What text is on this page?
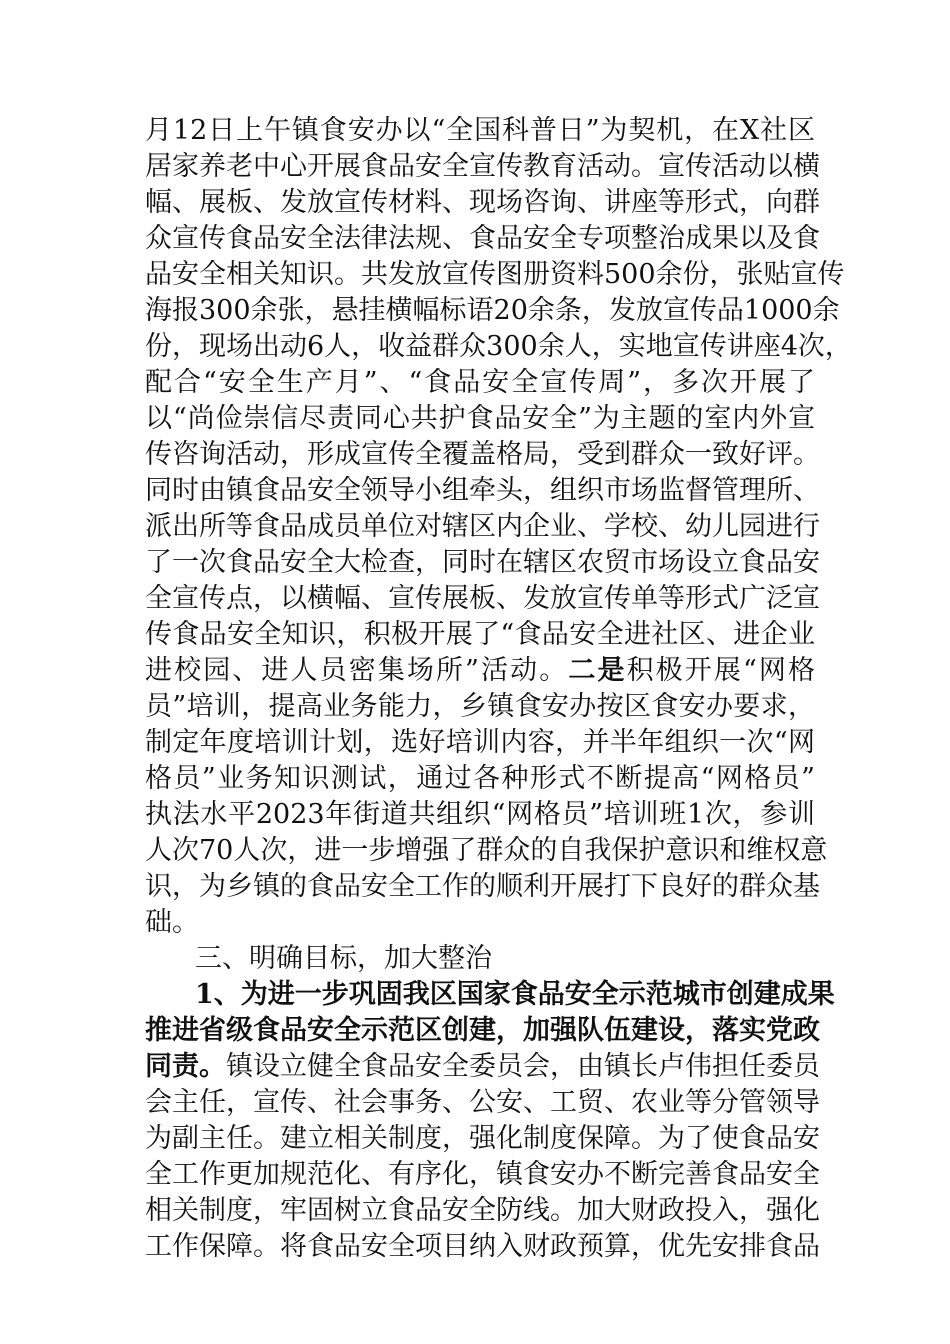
月12日上午镇食安办以“全国科普日”为契机，在X社区
居家养老中心开展食品安全宣传教育活动。宣传活动以横
幅、展板、发放宣传材料、现场咨询、讲座等形式，向群
众宣传食品安全法律法规、食品安全专项整治成果以及食
品安全相关知识。共发放宣传图册资料500余份，张贴宣传
海报300余张，悬挂横幅标语20余条，发放宣传品1000余
份，现场出动6人，收益群众300余人，实地宣传讲座4次，
配合“安全生产月”、“食品安全宣传周”，多次开展了
以“尚俭崇信尽责同心共护食品安全”为主题的室内外宣
传咨询活动，形成宣传全覆盖格局，受到群众一致好评。
同时由镇食品安全领导小组牵头，组织市场监督管理所、
派出所等食品成员单位对辖区内企业、学校、幼儿园进行
了一次食品安全大检查，同时在辖区农贸市场设立食品安
全宣传点，以横幅、宣传展板、发放宣传单等形式广泛宣
传食品安全知识，积极开展了“食品安全进社区、进企业
进校园、进人员密集场所”活动。二是积极开展“网格
员”培训，提高业务能力，乡镇食安办按区食安办要求，
制定年度培训计划，选好培训内容，并半年组织一次“网
格员”业务知识测试，通过各种形式不断提高“网格员”
执法水平2023年街道共组织“网格员”培训班1次，参训
人次70人次，进一步增强了群众的自我保护意识和维权意
识，为乡镇的食品安全工作的顺利开展打下良好的群众基
础。
三、明确目标，加大整治
1、为进一步巩固我区国家食品安全示范城市创建成果
推进省级食品安全示范区创建，加强队伍建设，落实党政
同责。镇设立健全食品安全委员会，由镇长卢伟担任委员
会主任，宣传、社会事务、公安、工贸、农业等分管领导
为副主任。建立相关制度，强化制度保障。为了使食品安
全工作更加规范化、有序化，镇食安办不断完善食品安全
相关制度，牢固树立食品安全防线。加大财政投入，强化
工作保障。将食品安全项目纳入财政预算，优先安排食品
